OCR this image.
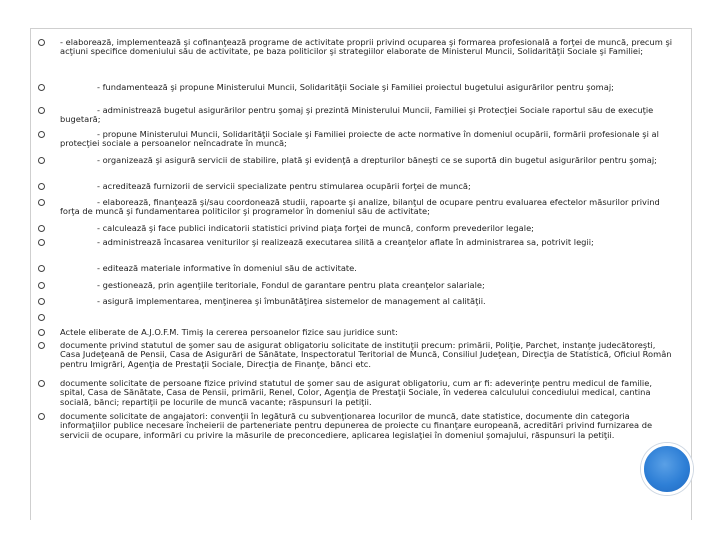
- elaborează, implementează şi cofinanţează programe de activitate proprii privind ocuparea şi formarea profesională a forţei de muncă, precum şi acţiuni specifice domeniului său de activitate, pe baza politicilor şi strategiilor elaborate de Ministerul Muncii, Solidarităţii Sociale şi Familiei;
- fundamentează şi propune Ministerului Muncii, Solidarităţii Sociale şi Familiei proiectul bugetului asigurărilor pentru şomaj;
- administrează bugetul asigurărilor pentru şomaj şi prezintă Ministerului Muncii, Familiei şi Protecţiei Sociale raportul său de execuţie bugetară;
- propune Ministerului Muncii, Solidarităţii Sociale şi Familiei proiecte de acte normative în domeniul ocupării, formării profesionale şi al protecţiei sociale a persoanelor neîncadrate în muncă;
- organizează şi asigură servicii de stabilire, plată şi evidenţă a drepturilor băneşti ce se suportă din bugetul asigurărilor pentru şomaj;
- acreditează furnizorii de servicii specializate pentru stimularea ocupării forţei de muncă;
- elaborează, finanţează şi/sau coordonează studii, rapoarte şi analize, bilanţul de ocupare pentru evaluarea efectelor măsurilor privind forţa de muncă şi fundamentarea politicilor şi programelor în domeniul său de activitate;
- calculează şi face publici indicatorii statistici privind piaţa forţei de muncă, conform prevederilor legale;
- administrează încasarea veniturilor şi realizează executarea silită a creanţelor aflate în administrarea sa, potrivit legii;
- editează materiale informative în domeniul său de activitate.
- gestionează, prin agenţiile teritoriale, Fondul de garantare pentru plata creanţelor salariale;
- asigură implementarea, menţinerea şi îmbunătăţirea sistemelor de management al calităţii.
Actele eliberate de A.J.O.F.M. Timiş la cererea persoanelor fizice sau juridice sunt:
documente privind statutul de şomer sau de asigurat obligatoriu solicitate de instituţii precum: primării, Poliţie, Parchet, instanţe judecătoreşti, Casa Judeţeană de Pensii, Casa de Asigurări de Sănătate, Inspectoratul Teritorial de Muncă, Consiliul Judeţean, Direcţia de Statistică, Oficiul Român pentru Imigrări, Agenţia de Prestaţii Sociale, Direcţia de Finanţe, bănci etc.
documente solicitate de persoane fizice privind statutul de şomer sau de asigurat obligatoriu, cum ar fi: adeverinţe pentru medicul de familie, spital, Casa de Sănătate, Casa de Pensii, primării, Renel, Color, Agenţia de Prestaţii Sociale, în vederea calculului concediului medical, cantina socială, bănci; repartiţii pe locurile de muncă vacante; răspunsuri la petiţii.
documente solicitate de angajatori: convenţii în legătură cu subvenţionarea locurilor de muncă, date statistice, documente din categoria informaţiilor publice necesare încheierii de parteneriate pentru depunerea de proiecte cu finanţare europeană, acreditări privind furnizarea de servicii de ocupare, informări cu privire la măsurile de preconcediere, aplicarea legislaţiei în domeniul şomajului, răspunsuri la petiţii.
